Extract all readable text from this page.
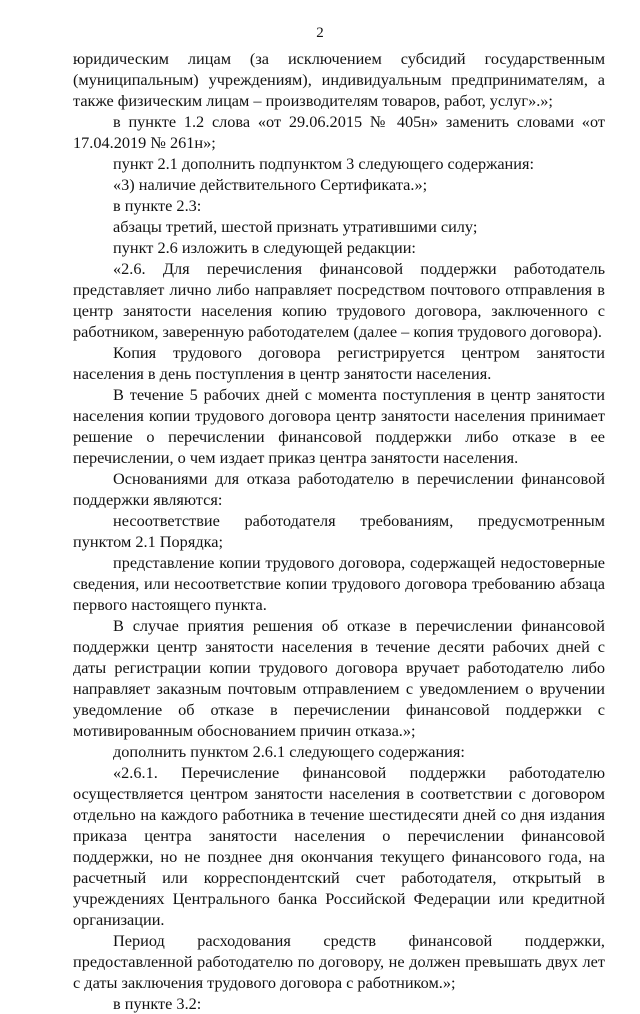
2

юридическим лицам (за исключением субсидий государственным (муниципальным) учреждениям), индивидуальным предпринимателям, а также физическим лицам – производителям товаров, работ, услуг».»;

в пункте 1.2 слова «от 29.06.2015 № 405н» заменить словами «от 17.04.2019 № 261н»;

пункт 2.1 дополнить подпунктом 3 следующего содержания:

«3) наличие действительного Сертификата.»;

в пункте 2.3:

абзацы третий, шестой признать утратившими силу;

пункт 2.6 изложить в следующей редакции:

«2.6. Для перечисления финансовой поддержки работодатель представляет лично либо направляет посредством почтового отправления в центр занятости населения копию трудового договора, заключенного с работником, заверенную работодателем (далее – копия трудового договора).

Копия трудового договора регистрируется центром занятости населения в день поступления в центр занятости населения.

В течение 5 рабочих дней с момента поступления в центр занятости населения копии трудового договора центр занятости населения принимает решение о перечислении финансовой поддержки либо отказе в ее перечислении, о чем издает приказ центра занятости населения.

Основаниями для отказа работодателю в перечислении финансовой поддержки являются:

несоответствие работодателя требованиям, предусмотренным пунктом 2.1 Порядка;

представление копии трудового договора, содержащей недостоверные сведения, или несоответствие копии трудового договора требованию абзаца первого настоящего пункта.

В случае приятия решения об отказе в перечислении финансовой поддержки центр занятости населения в течение десяти рабочих дней с даты регистрации копии трудового договора вручает работодателю либо направляет заказным почтовым отправлением с уведомлением о вручении уведомление об отказе в перечислении финансовой поддержки с мотивированным обоснованием причин отказа.»;

дополнить пунктом 2.6.1 следующего содержания:

«2.6.1. Перечисление финансовой поддержки работодателю осуществляется центром занятости населения в соответствии с договором отдельно на каждого работника в течение шестидесяти дней со дня издания приказа центра занятости населения о перечислении финансовой поддержки, но не позднее дня окончания текущего финансового года, на расчетный или корреспондентский счет работодателя, открытый в учреждениях Центрального банка Российской Федерации или кредитной организации.

Период расходования средств финансовой поддержки, предоставленной работодателю по договору, не должен превышать двух лет с даты заключения трудового договора с работником.»;

в пункте 3.2:
